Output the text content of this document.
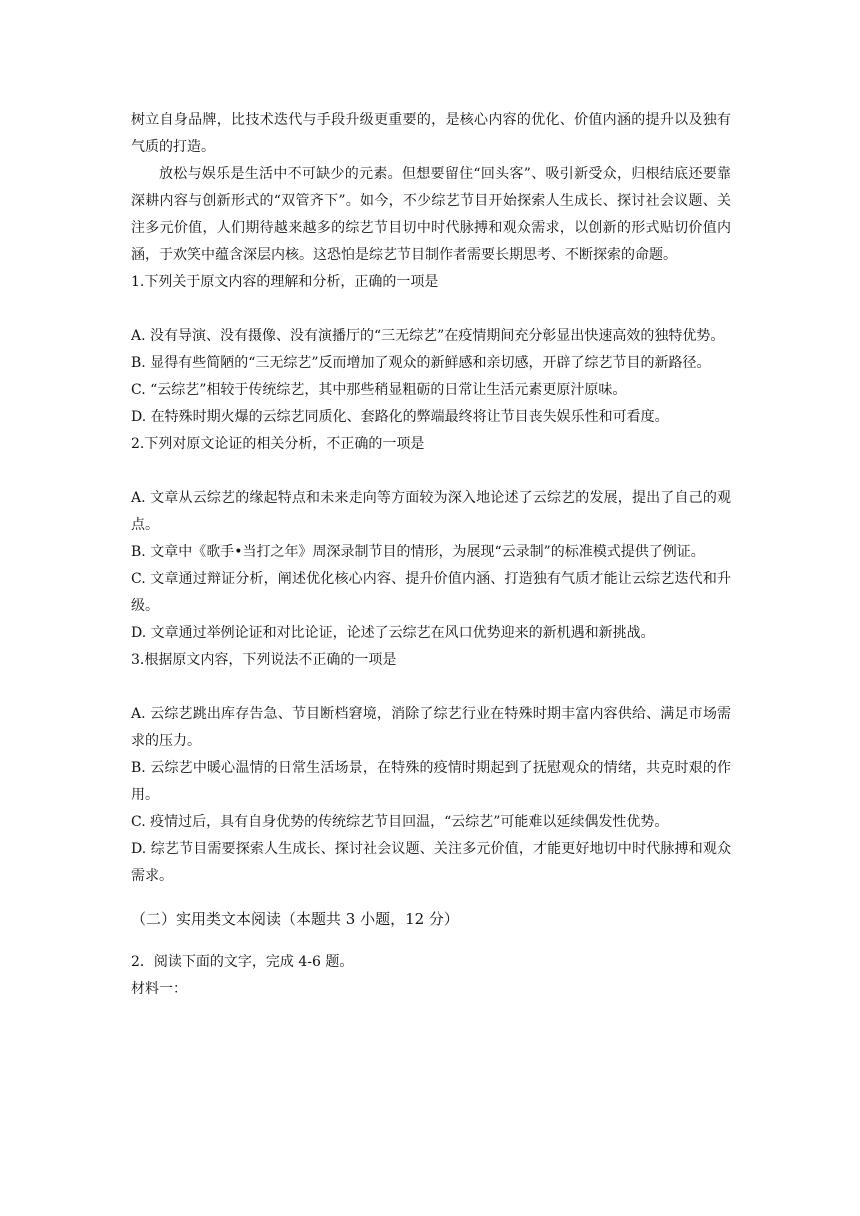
树立自身品牌，比技术迭代与手段升级更重要的，是核心内容的优化、价值内涵的提升以及独有气质的打造。

放松与娱乐是生活中不可缺少的元素。但想要留住“回头客”、吸引新受众，归根结底还要靠深耕内容与创新形式的“双管齐下”。如今，不少综艺节目开始探索人生成长、探讨社会议题、关注多元价值，人们期待越来越多的综艺节目切中时代脉搏和观众需求，以创新的形式贴切价值内涵，于欢笑中蕴含深层内核。这恐怕是综艺节目制作者需要长期思考、不断探索的命题。

1.下列关于原文内容的理解和分析，正确的一项是

A. 没有导演、没有摄像、没有演播厅的“三无综艺”在疫情期间充分彰显出快速高效的独特优势。

B. 显得有些简陋的“三无综艺”反而增加了观众的新鲜感和亲切感，开辟了综艺节目的新路径。

C. “云综艺”相较于传统综艺，其中那些稍显粗砺的日常让生活元素更原汁原味。

D. 在特殊时期火爆的云综艺同质化、套路化的弊端最终将让节目丧失娱乐性和可看度。

2.下列对原文论证的相关分析，不正确的一项是

A. 文章从云综艺的缘起特点和未来走向等方面较为深入地论述了云综艺的发展，提出了自己的观点。

B. 文章中《歌手•当打之年》周深录制节目的情形，为展现“云录制”的标准模式提供了例证。

C. 文章通过辩证分析，阐述优化核心内容、提升价值内涵、打造独有气质才能让云综艺迭代和升级。

D. 文章通过举例论证和对比论证，论述了云综艺在风口优势迎来的新机遇和新挑战。

3.根据原文内容，下列说法不正确的一项是

A. 云综艺跳出库存告急、节目断档窘境，消除了综艺行业在特殊时期丰富内容供给、满足市场需求的压力。

B. 云综艺中暖心温情的日常生活场景，在特殊的疫情时期起到了抚慰观众的情绪，共克时艰的作用。

C. 疫情过后，具有自身优势的传统综艺节目回温，“云综艺”可能难以延续偶发性优势。

D. 综艺节目需要探索人生成长、探讨社会议题、关注多元价值，才能更好地切中时代脉搏和观众需求。

（二）实用类文本阅读（本题共 3 小题，12 分）

2．阅读下面的文字，完成 4-6 题。

材料一：
